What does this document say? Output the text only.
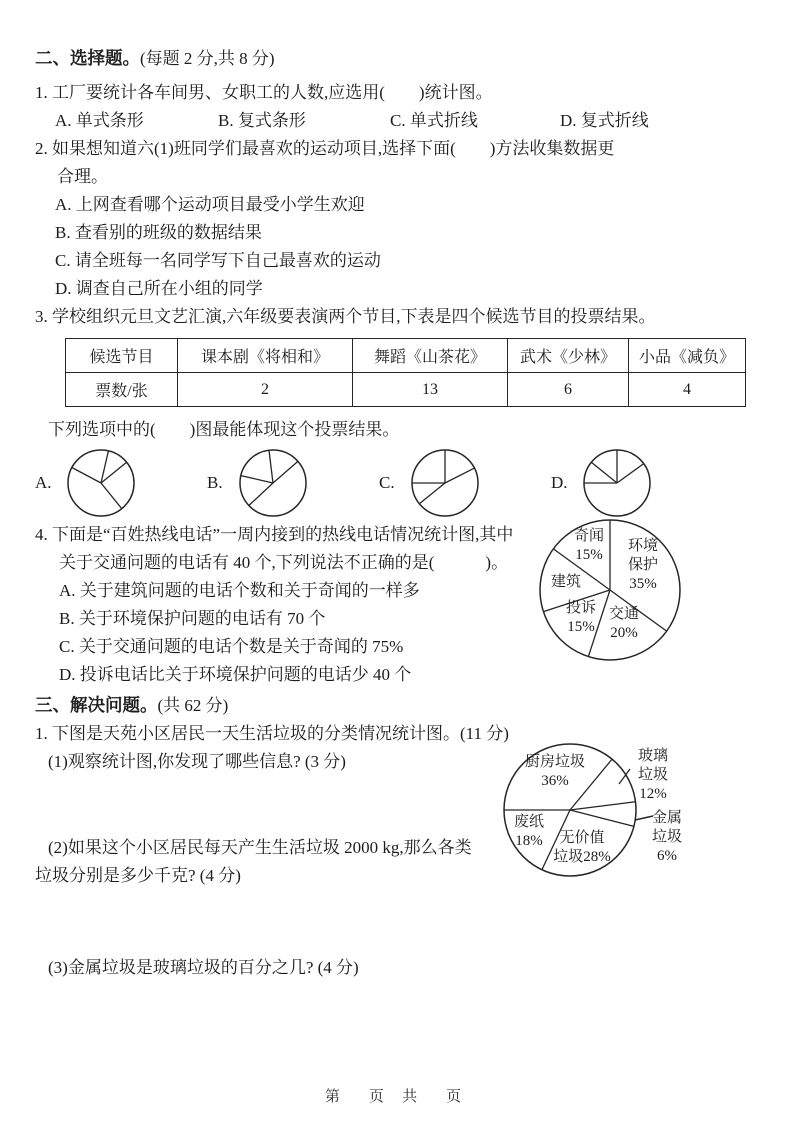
二、选择题。(每题 2 分,共 8 分)
1. 工厂要统计各车间男、女职工的人数,应选用(　　)统计图。
A. 单式条形	B. 复式条形	C. 单式折线	D. 复式折线
2. 如果想知道六(1)班同学们最喜欢的运动项目,选择下面(　　)方法收集数据更
合理。
A. 上网查看哪个运动项目最受小学生欢迎
B. 查看别的班级的数据结果
C. 请全班每一名同学写下自己最喜欢的运动
D. 调查自己所在小组的同学
3. 学校组织元旦文艺汇演,六年级要表演两个节目,下表是四个候选节目的投票结果。
候选节目	课本剧《将相和》	舞蹈《山茶花》	武术《少林》	小品《减负》
票数/张	2	13	6	4
下列选项中的(　　)图最能体现这个投票结果。
A.	B.	C.	D.
4. 下面是“百姓热线电话”一周内接到的热线电话情况统计图,其中
关于交通问题的电话有 40 个,下列说法不正确的是(　　　)。
A. 关于建筑问题的电话个数和关于奇闻的一样多
B. 关于环境保护问题的电话有 70 个
C. 关于交通问题的电话个数是关于奇闻的 75%
D. 投诉电话比关于环境保护问题的电话少 40 个
奇闻
15%
环境
保护
35%
建筑
投诉
15%
交通
20%
三、解决问题。(共 62 分)
1. 下图是天苑小区居民一天生活垃圾的分类情况统计图。(11 分)
(1)观察统计图,你发现了哪些信息? (3 分)
(2)如果这个小区居民每天产生生活垃圾 2000 kg,那么各类
垃圾分别是多少千克? (4 分)
(3)金属垃圾是玻璃垃圾的百分之几? (4 分)
厨房垃圾
36%
废纸
18%	无价值
垃圾28%
玻璃
垃圾
12%
金属
垃圾
6%
第　页 共　页
